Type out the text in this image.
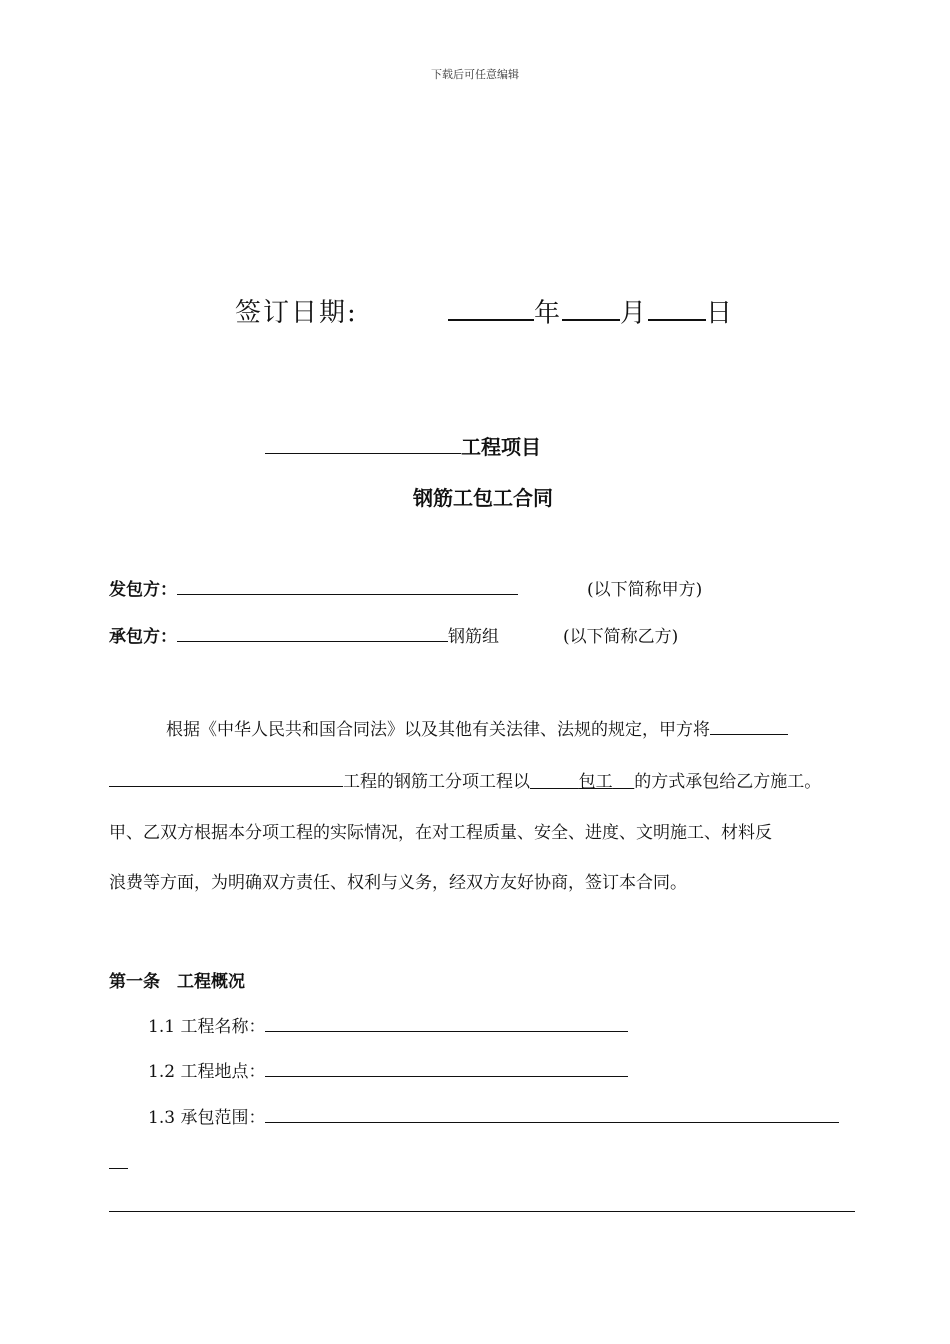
下载后可任意编辑
签订日期:	年 月 日
工程项目
钢筋工包工合同
发包方：	(以下简称甲方)
承包方：	钢筋组	(以下简称乙方)
根据《中华人民共和国合同法》以及其他有关法律、法规的规定，甲方将
工程的钢筋工分项工程以	包工 的方式承包给乙方施工。
甲、乙双方根据本分项工程的实际情况，在对工程质量、安全、进度、文明施工、材料反
浪费等方面，为明确双方责任、权利与义务，经双方友好协商，签订本合同。
第一条　工程概况
1.1 工程名称：
1.2 工程地点：
1.3 承包范围：
